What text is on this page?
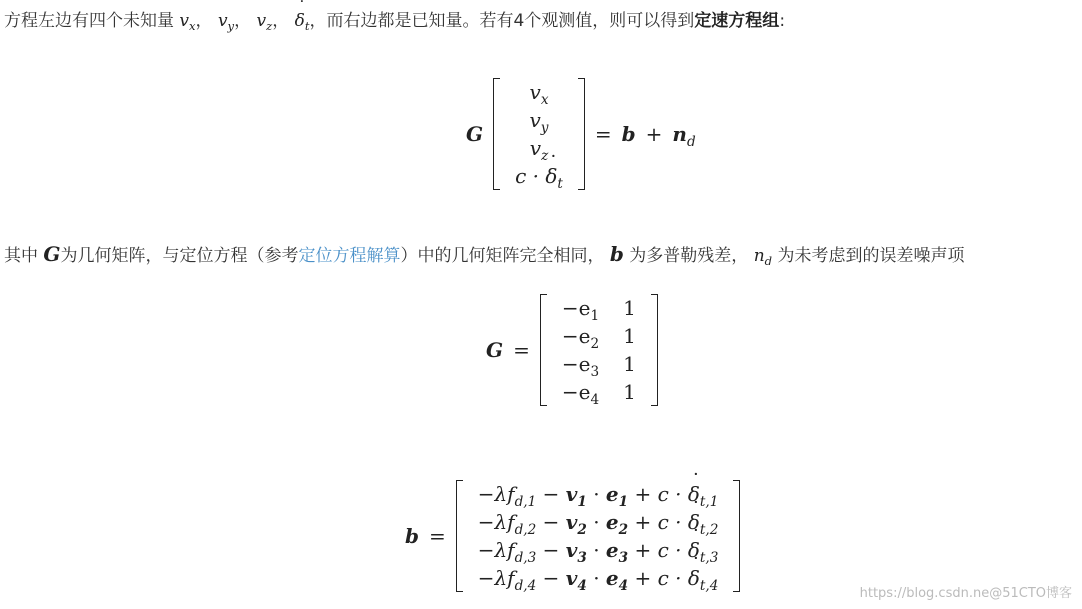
方程左边有四个未知量 $v_x$， $v_y$， $v_z$， ˙ $\delta_t$，而右边都是已知量。若有4个观测值，则可以得到定速方程组:
G
$v_x$
$v_y$
$v_z$
c · ˙ $\delta_t$
= $b + n_d$
其中 G为几何矩阵，与定位方程（参考定位方程解算）中的几何矩阵完全相同， b 为多普勒残差， $n_d$ 为未考虑到的误差噪声项
G =
$-e_1$ 1
$-e_2$ 1
$-e_3$ 1
$-e_4$ 1
b =
$-\lambda f_{d,1} - v_1 \cdot e_1 + c$ · ˙ $\delta_{t,1}$
$-\lambda f_{d,2} - v_2 \cdot e_2 + c$ · ˙ $\delta_{t,2}$
$-\lambda f_{d,3} - v_3 \cdot e_3 + c$ · ˙ $\delta_{t,3}$
$-\lambda f_{d,4} - v_4 \cdot e_4 + c$ · ˙ $\delta_{t,4}$	https://blog.csdn.ne@51CTO博客
